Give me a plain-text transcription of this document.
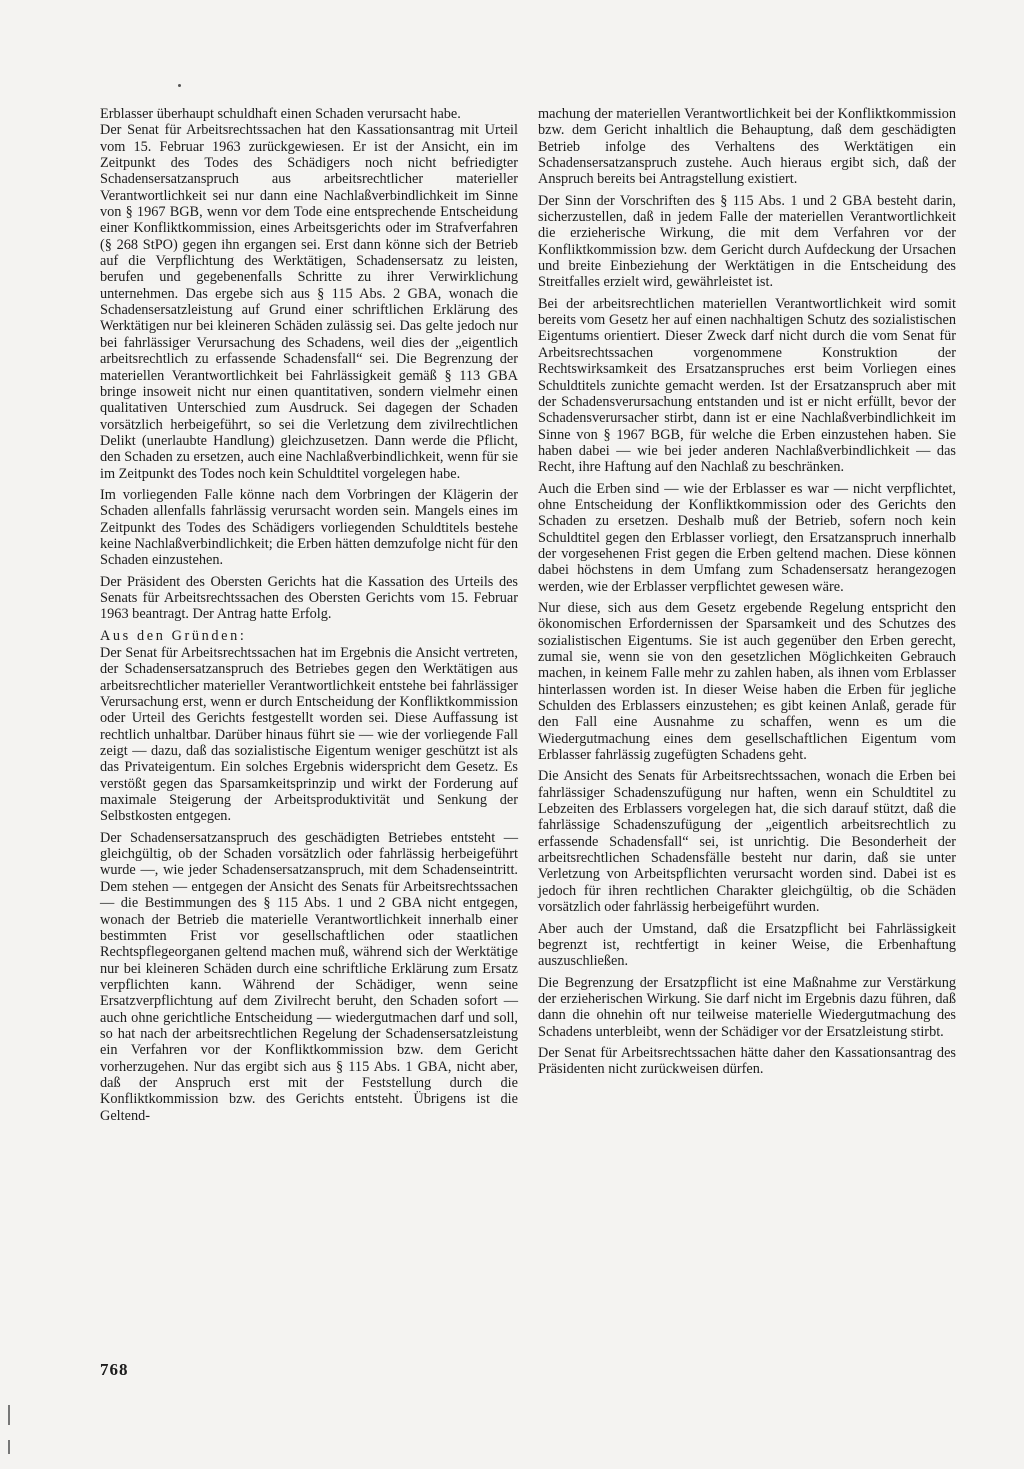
Erblasser überhaupt schuldhaft einen Schaden verursacht habe.

Der Senat für Arbeitsrechtssachen hat den Kassationsantrag mit Urteil vom 15. Februar 1963 zurückgewiesen. Er ist der Ansicht, ein im Zeitpunkt des Todes des Schädigers noch nicht befriedigter Schadensersatzanspruch aus arbeitsrechtlicher materieller Verantwortlichkeit sei nur dann eine Nachlaßverbindlichkeit im Sinne von § 1967 BGB, wenn vor dem Tode eine entsprechende Entscheidung einer Konfliktkommission, eines Arbeitsgerichts oder im Strafverfahren (§ 268 StPO) gegen ihn ergangen sei. Erst dann könne sich der Betrieb auf die Verpflichtung des Werktätigen, Schadensersatz zu leisten, berufen und gegebenenfalls Schritte zu ihrer Verwirklichung unternehmen. Das ergebe sich aus § 115 Abs. 2 GBA, wonach die Schadensersatzleistung auf Grund einer schriftlichen Erklärung des Werktätigen nur bei kleineren Schäden zulässig sei. Das gelte jedoch nur bei fahrlässiger Verursachung des Schadens, weil dies der „eigentlich arbeitsrechtlich zu erfassende Schadensfall“ sei. Die Begrenzung der materiellen Verantwortlichkeit bei Fahrlässigkeit gemäß § 113 GBA bringe insoweit nicht nur einen quantitativen, sondern vielmehr einen qualitativen Unterschied zum Ausdruck. Sei dagegen der Schaden vorsätzlich herbeigeführt, so sei die Verletzung dem zivilrechtlichen Delikt (unerlaubte Handlung) gleichzusetzen. Dann werde die Pflicht, den Schaden zu ersetzen, auch eine Nachlaßverbindlichkeit, wenn für sie im Zeitpunkt des Todes noch kein Schuldtitel vorgelegen habe.

Im vorliegenden Falle könne nach dem Vorbringen der Klägerin der Schaden allenfalls fahrlässig verursacht worden sein. Mangels eines im Zeitpunkt des Todes des Schädigers vorliegenden Schuldtitels bestehe keine Nachlaßverbindlichkeit; die Erben hätten demzufolge nicht für den Schaden einzustehen.

Der Präsident des Obersten Gerichts hat die Kassation des Urteils des Senats für Arbeitsrechtssachen des Obersten Gerichts vom 15. Februar 1963 beantragt. Der Antrag hatte Erfolg.

Aus den Gründen:

Der Senat für Arbeitsrechtssachen hat im Ergebnis die Ansicht vertreten, der Schadensersatzanspruch des Betriebes gegen den Werktätigen aus arbeitsrechtlicher materieller Verantwortlichkeit entstehe bei fahrlässiger Verursachung erst, wenn er durch Entscheidung der Konfliktkommission oder Urteil des Gerichts festgestellt worden sei. Diese Auffassung ist rechtlich unhaltbar. Darüber hinaus führt sie — wie der vorliegende Fall zeigt — dazu, daß das sozialistische Eigentum weniger geschützt ist als das Privateigentum. Ein solches Ergebnis widerspricht dem Gesetz. Es verstößt gegen das Sparsamkeitsprinzip und wirkt der Forderung auf maximale Steigerung der Arbeitsproduktivität und Senkung der Selbstkosten entgegen.

Der Schadensersatzanspruch des geschädigten Betriebes entsteht — gleichgültig, ob der Schaden vorsätzlich oder fahrlässig herbeigeführt wurde —, wie jeder Schadensersatzanspruch, mit dem Schadenseintritt. Dem stehen — entgegen der Ansicht des Senats für Arbeitsrechtssachen — die Bestimmungen des § 115 Abs. 1 und 2 GBA nicht entgegen, wonach der Betrieb die materielle Verantwortlichkeit innerhalb einer bestimmten Frist vor gesellschaftlichen oder staatlichen Rechtspflegeorganen geltend machen muß, während sich der Werktätige nur bei kleineren Schäden durch eine schriftliche Erklärung zum Ersatz verpflichten kann. Während der Schädiger, wenn seine Ersatzverpflichtung auf dem Zivilrecht beruht, den Schaden sofort — auch ohne gerichtliche Entscheidung — wiedergutmachen darf und soll, so hat nach der arbeitsrechtlichen Regelung der Schadensersatzleistung ein Verfahren vor der Konfliktkommission bzw. dem Gericht vorherzugehen. Nur das ergibt sich aus § 115 Abs. 1 GBA, nicht aber, daß der Anspruch erst mit der Feststellung durch die Konfliktkommission bzw. des Gerichts entsteht. Übrigens ist die Geltend-

machung der materiellen Verantwortlichkeit bei der Konfliktkommission bzw. dem Gericht inhaltlich die Behauptung, daß dem geschädigten Betrieb infolge des Verhaltens des Werktätigen ein Schadensersatzanspruch zustehe. Auch hieraus ergibt sich, daß der Anspruch bereits bei Antragstellung existiert.

Der Sinn der Vorschriften des § 115 Abs. 1 und 2 GBA besteht darin, sicherzustellen, daß in jedem Falle der materiellen Verantwortlichkeit die erzieherische Wirkung, die mit dem Verfahren vor der Konfliktkommission bzw. dem Gericht durch Aufdeckung der Ursachen und breite Einbeziehung der Werktätigen in die Entscheidung des Streitfalles erzielt wird, gewährleistet ist.

Bei der arbeitsrechtlichen materiellen Verantwortlichkeit wird somit bereits vom Gesetz her auf einen nachhaltigen Schutz des sozialistischen Eigentums orientiert. Dieser Zweck darf nicht durch die vom Senat für Arbeitsrechtssachen vorgenommene Konstruktion der Rechtswirksamkeit des Ersatzanspruches erst beim Vorliegen eines Schuldtitels zunichte gemacht werden. Ist der Ersatzanspruch aber mit der Schadensverursachung entstanden und ist er nicht erfüllt, bevor der Schadensverursacher stirbt, dann ist er eine Nachlaßverbindlichkeit im Sinne von § 1967 BGB, für welche die Erben einzustehen haben. Sie haben dabei — wie bei jeder anderen Nachlaßverbindlichkeit — das Recht, ihre Haftung auf den Nachlaß zu beschränken.

Auch die Erben sind — wie der Erblasser es war — nicht verpflichtet, ohne Entscheidung der Konfliktkommission oder des Gerichts den Schaden zu ersetzen. Deshalb muß der Betrieb, sofern noch kein Schuldtitel gegen den Erblasser vorliegt, den Ersatzanspruch innerhalb der vorgesehenen Frist gegen die Erben geltend machen. Diese können dabei höchstens in dem Umfang zum Schadensersatz herangezogen werden, wie der Erblasser verpflichtet gewesen wäre.

Nur diese, sich aus dem Gesetz ergebende Regelung entspricht den ökonomischen Erfordernissen der Sparsamkeit und des Schutzes des sozialistischen Eigentums. Sie ist auch gegenüber den Erben gerecht, zumal sie, wenn sie von den gesetzlichen Möglichkeiten Gebrauch machen, in keinem Falle mehr zu zahlen haben, als ihnen vom Erblasser hinterlassen worden ist. In dieser Weise haben die Erben für jegliche Schulden des Erblassers einzustehen; es gibt keinen Anlaß, gerade für den Fall eine Ausnahme zu schaffen, wenn es um die Wiedergutmachung eines dem gesellschaftlichen Eigentum vom Erblasser fahrlässig zugefügten Schadens geht.

Die Ansicht des Senats für Arbeitsrechtssachen, wonach die Erben bei fahrlässiger Schadenszufügung nur haften, wenn ein Schuldtitel zu Lebzeiten des Erblassers vorgelegen hat, die sich darauf stützt, daß die fahrlässige Schadenszufügung der „eigentlich arbeitsrechtlich zu erfassende Schadensfall“ sei, ist unrichtig. Die Besonderheit der arbeitsrechtlichen Schadensfälle besteht nur darin, daß sie unter Verletzung von Arbeitspflichten verursacht worden sind. Dabei ist es jedoch für ihren rechtlichen Charakter gleichgültig, ob die Schäden vorsätzlich oder fahrlässig herbeigeführt wurden.

Aber auch der Umstand, daß die Ersatzpflicht bei Fahrlässigkeit begrenzt ist, rechtfertigt in keiner Weise, die Erbenhaftung auszuschließen.

Die Begrenzung der Ersatzpflicht ist eine Maßnahme zur Verstärkung der erzieherischen Wirkung. Sie darf nicht im Ergebnis dazu führen, daß dann die ohnehin oft nur teilweise materielle Wiedergutmachung des Schadens unterbleibt, wenn der Schädiger vor der Ersatzleistung stirbt.

Der Senat für Arbeitsrechtssachen hätte daher den Kassationsantrag des Präsidenten nicht zurückweisen dürfen.

768
